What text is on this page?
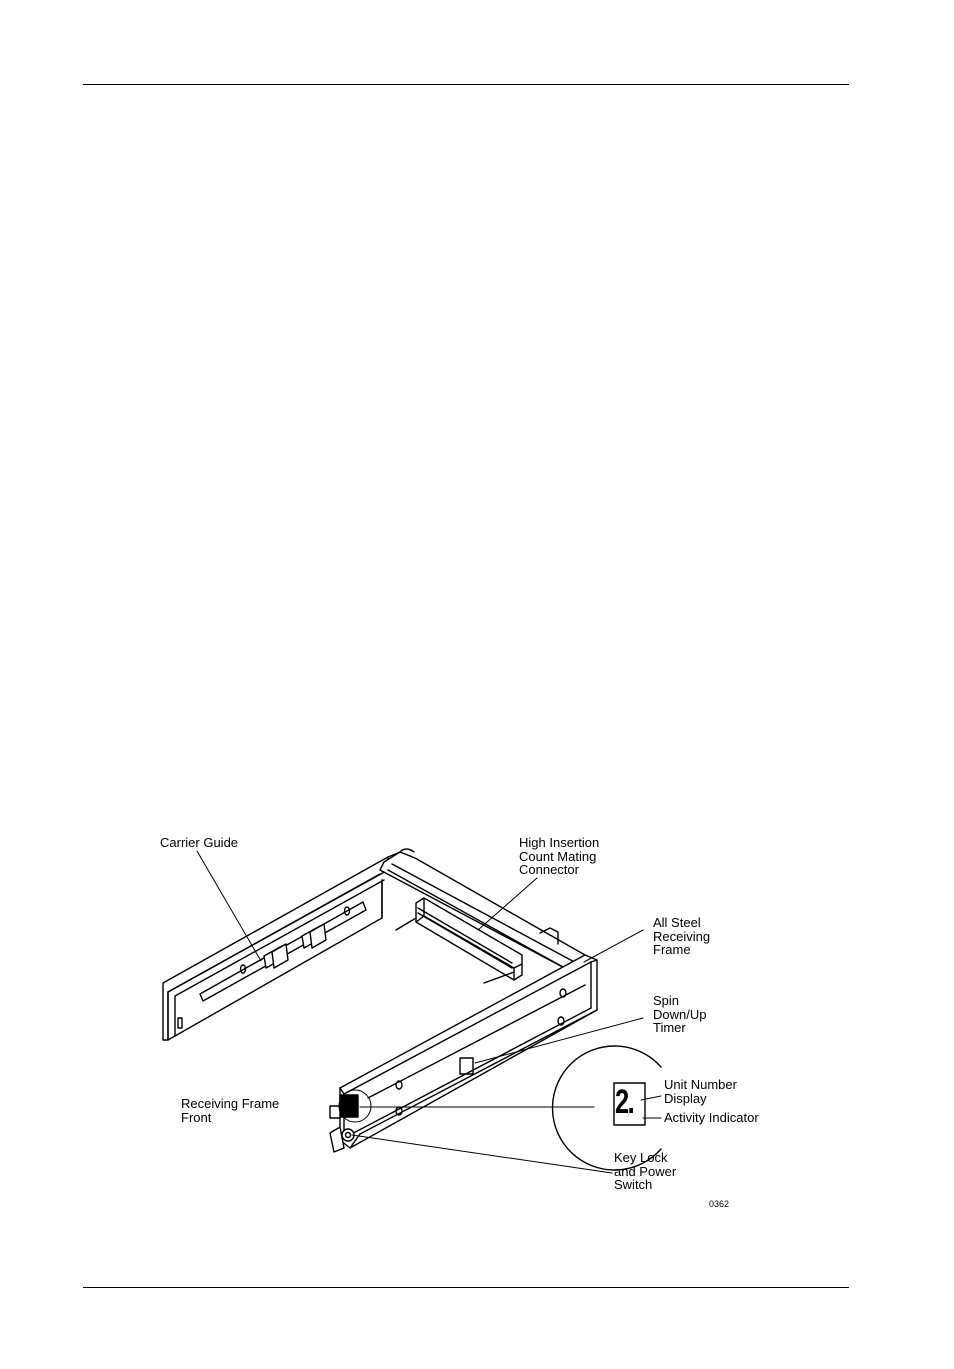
Carrier Guide	High Insertion
Count Mating
Connector
All Steel
Receiving
Frame
Spin
Down/Up
Timer
Unit Number
Display
Activity Indicator
Receiving Frame
Front
Key Lock
and Power
Switch
2.
0362
